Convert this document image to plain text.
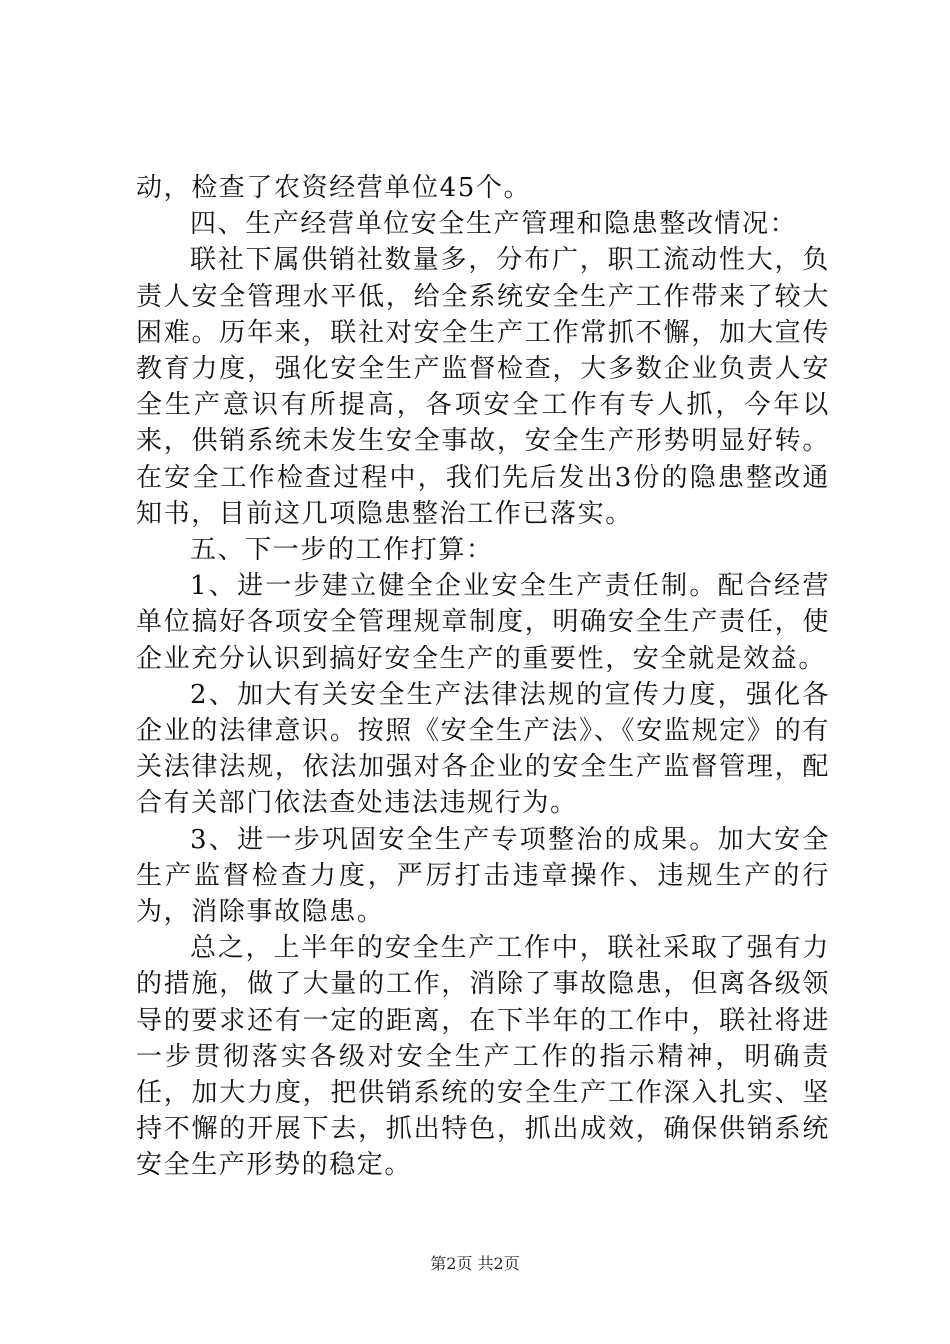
动，检查了农资经营单位45个。

四、生产经营单位安全生产管理和隐患整改情况：

联社下属供销社数量多，分布广，职工流动性大，负责人安全管理水平低，给全系统安全生产工作带来了较大困难。历年来，联社对安全生产工作常抓不懈，加大宣传教育力度，强化安全生产监督检查，大多数企业负责人安全生产意识有所提高，各项安全工作有专人抓，今年以来，供销系统未发生安全事故，安全生产形势明显好转。在安全工作检查过程中，我们先后发出3份的隐患整改通知书，目前这几项隐患整治工作已落实。

五、下一步的工作打算：

1、进一步建立健全企业安全生产责任制。配合经营单位搞好各项安全管理规章制度，明确安全生产责任，使企业充分认识到搞好安全生产的重要性，安全就是效益。

2、加大有关安全生产法律法规的宣传力度，强化各企业的法律意识。按照《安全生产法》、《安监规定》的有关法律法规，依法加强对各企业的安全生产监督管理，配合有关部门依法查处违法违规行为。

3、进一步巩固安全生产专项整治的成果。加大安全生产监督检查力度，严厉打击违章操作、违规生产的行为，消除事故隐患。

总之，上半年的安全生产工作中，联社采取了强有力的措施，做了大量的工作，消除了事故隐患，但离各级领导的要求还有一定的距离，在下半年的工作中，联社将进一步贯彻落实各级对安全生产工作的指示精神，明确责任，加大力度，把供销系统的安全生产工作深入扎实、坚持不懈的开展下去，抓出特色，抓出成效，确保供销系统安全生产形势的稳定。

第2页 共2页
